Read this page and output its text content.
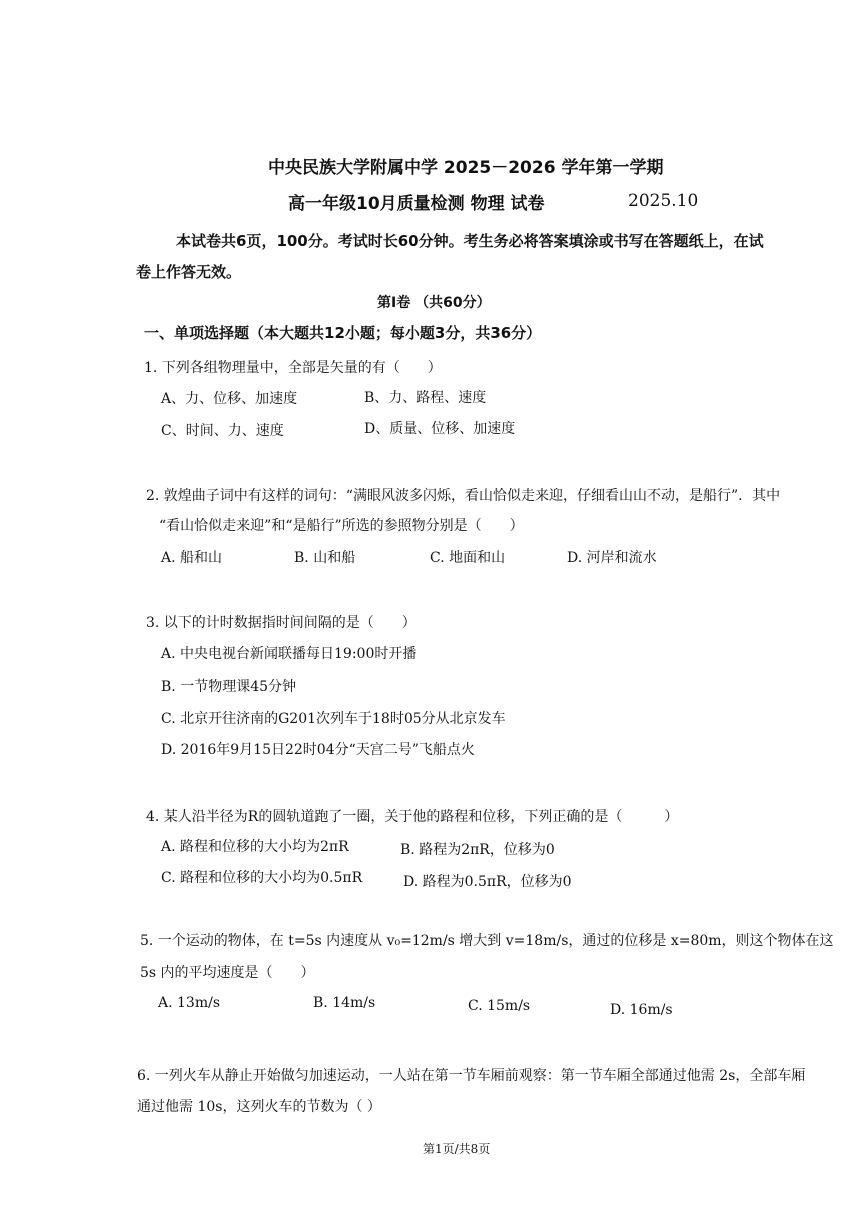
中央民族大学附属中学 2025－2026 学年第一学期
高一年级10月质量检测 物理 试卷	2025.10
本试卷共6页，100分。考试时长60分钟。考生务必将答案填涂或书写在答题纸上，在试
卷上作答无效。
第Ⅰ卷 （共60分）
一、单项选择题（本大题共12小题；每小题3分，共36分）
1. 下列各组物理量中，全部是矢量的有（　　）
A、力、位移、加速度	B、力、路程、速度
C、时间、力、速度	D、质量、位移、加速度
2. 敦煌曲子词中有这样的词句：“满眼风波多闪烁，看山恰似走来迎，仔细看山山不动，是船行”．其中
“看山恰似走来迎”和“是船行”所选的参照物分别是（　　）
A. 船和山	B. 山和船	C. 地面和山	D. 河岸和流水
3. 以下的计时数据指时间间隔的是（　　）
A. 中央电视台新闻联播每日19:00时开播
B. 一节物理课45分钟
C. 北京开往济南的G201次列车于18时05分从北京发车
D. 2016年9月15日22时04分“天宫二号”飞船点火
4. 某人沿半径为R的圆轨道跑了一圈，关于他的路程和位移，下列正确的是（　　　）
A. 路程和位移的大小均为2πR	B. 路程为2πR，位移为0
C. 路程和位移的大小均为0.5πR	D. 路程为0.5πR，位移为0
5. 一个运动的物体，在 t=5s 内速度从 v₀=12m/s 增大到 v=18m/s，通过的位移是 x=80m，则这个物体在这
5s 内的平均速度是（　　）
A. 13m/s	B. 14m/s	C. 15m/s	D. 16m/s
6. 一列火车从静止开始做匀加速运动，一人站在第一节车厢前观察：第一节车厢全部通过他需 2s，全部车厢
通过他需 10s，这列火车的节数为（ ）
第1页/共8页
